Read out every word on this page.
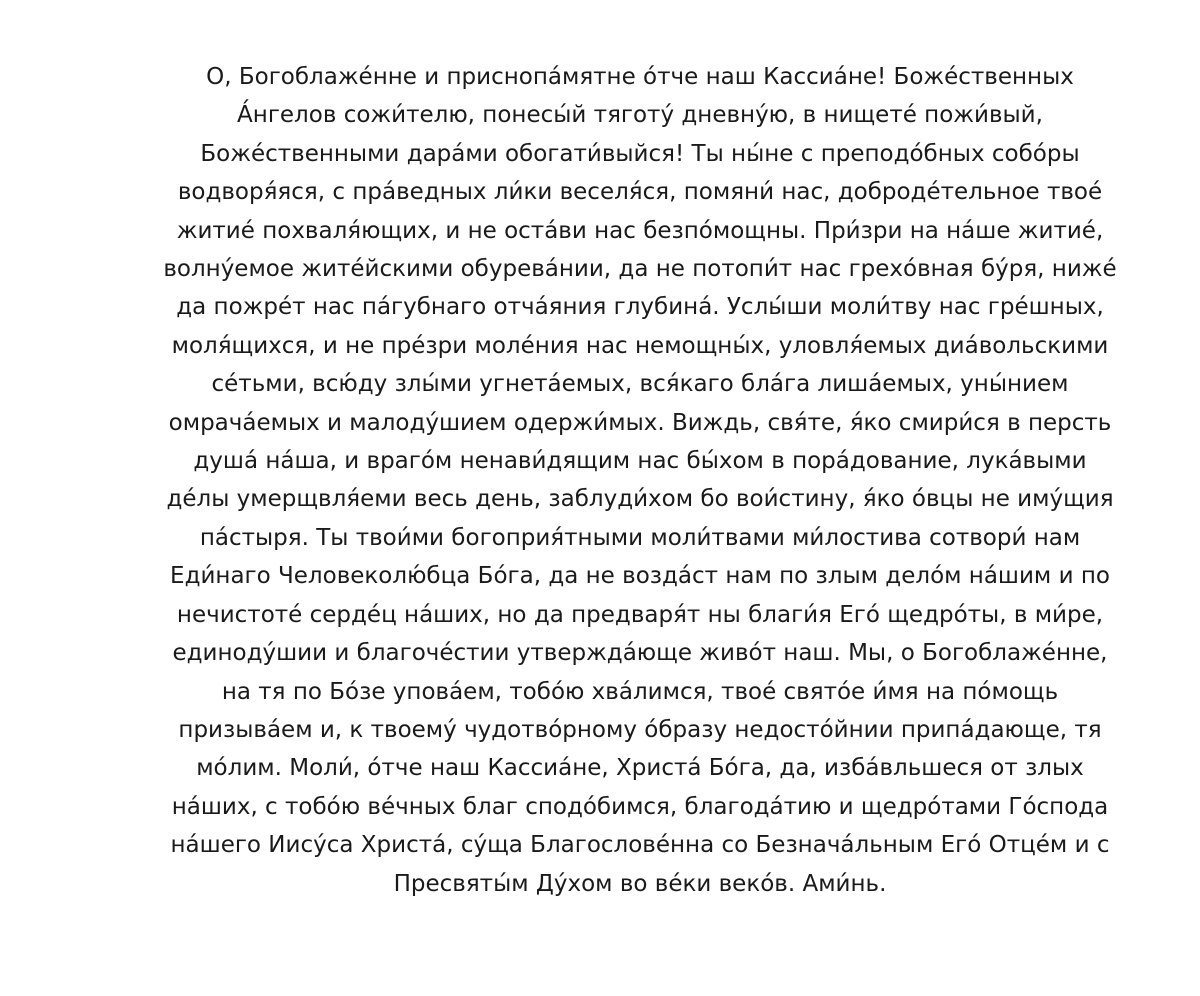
О, Богоблаже́нне и приснопа́мятне о́тче наш Кассиа́не! Боже́ственных
А́нгелов сожи́телю, понесы́й тяготу́ дневну́ю, в нищете́ пожи́вый,
Боже́ственными дара́ми обогати́выйся! Ты ны́не с преподо́бных собо́ры
водворя́яся, с пра́ведных ли́ки веселя́ся, помяни́ нас, доброде́тельное твое́
житие́ похваля́ющих, и не оста́ви нас безпо́мощны. При́зри на на́ше житие́,
волну́емое жите́йскими обурева́нии, да не потопи́т нас грехо́вная бу́ря, ниже́
да пожре́т нас па́губнаго отча́яния глубина́. Услы́ши моли́тву нас гре́шных,
моля́щихся, и не пре́зри моле́ния нас немощны́х, уловля́емых диа́вольскими
се́тьми, всю́ду злы́ми угнета́емых, вся́каго бла́га лиша́емых, уны́нием
омрача́емых и малоду́шием одержи́мых. Виждь, свя́те, я́ко смири́ся в персть
душа́ на́ша, и враго́м ненави́дящим нас бы́хом в пора́дование, лука́выми
де́лы умерщвля́еми весь день, заблуди́хом бо вои́стину, я́ко о́вцы не иму́щия
па́стыря. Ты твои́ми богоприя́тными моли́твами ми́лостива сотвори́ нам
Еди́наго Человеколю́бца Бо́га, да не возда́ст нам по злым дело́м на́шим и по
нечистоте́ серде́ц на́ших, но да предваря́т ны благи́я Его́ щедро́ты, в ми́ре,
единоду́шии и благоче́стии утвержда́юще живо́т наш. Мы, о Богоблаже́нне,
на тя по Бо́зе упова́ем, тобо́ю хва́лимся, твое́ свято́е и́мя на по́мощь
призыва́ем и, к твоему́ чудотво́рному о́бразу недосто́йнии припа́дающе, тя
мо́лим. Моли́, о́тче наш Кассиа́не, Христа́ Бо́га, да, изба́вльшеся от злых
на́ших, с тобо́ю ве́чных благ сподо́бимся, благода́тию и щедро́тами Го́спода
на́шего Иису́са Христа́, су́ща Благослове́нна со Безнача́льным Его́ Отце́м и с
Пресвяты́м Ду́хом во ве́ки веко́в. Ами́нь.
